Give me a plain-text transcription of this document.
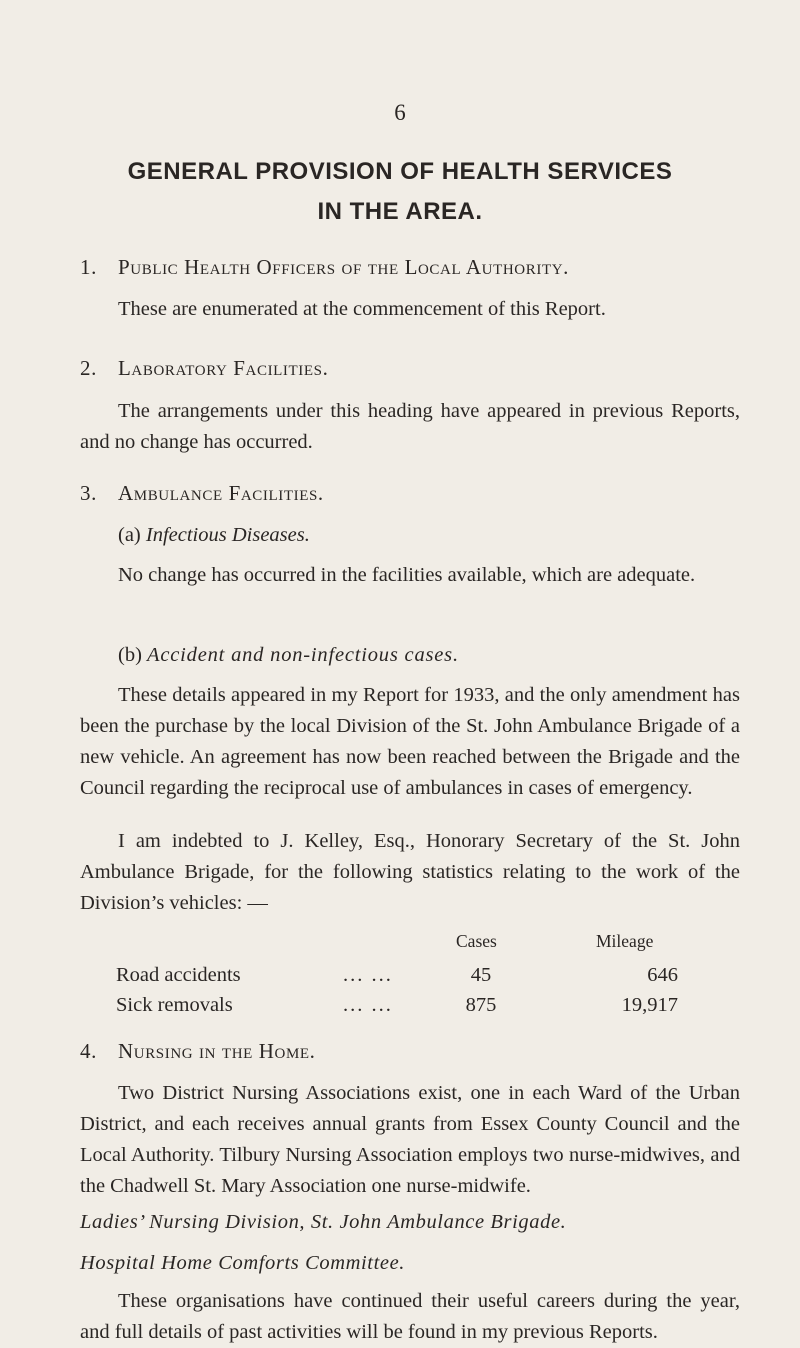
6
GENERAL PROVISION OF HEALTH SERVICES
IN THE AREA.
1. Public Health Officers of the Local Authority.
These are enumerated at the commencement of this Report.
2. Laboratory Facilities.
The arrangements under this heading have appeared in previous Reports, and no change has occurred.
3. Ambulance Facilities.
(a) Infectious Diseases.
No change has occurred in the facilities available, which are adequate.
(b) Accident and non-infectious cases.
These details appeared in my Report for 1933, and the only amendment has been the purchase by the local Division of the St. John Ambulance Brigade of a new vehicle. An agreement has now been reached between the Brigade and the Council regarding the reciprocal use of ambulances in cases of emergency.
I am indebted to J. Kelley, Esq., Honorary Secretary of the St. John Ambulance Brigade, for the following statistics relating to the work of the Division’s vehicles: —
Cases	Mileage
Road accidents	... ...	45	646
Sick removals	... ...	875	19,917
4. Nursing in the Home.
Two District Nursing Associations exist, one in each Ward of the Urban District, and each receives annual grants from Essex County Council and the Local Authority. Tilbury Nursing Association employs two nurse-midwives, and the Chadwell St. Mary Association one nurse-midwife.
Ladies’ Nursing Division, St. John Ambulance Brigade.
Hospital Home Comforts Committee.
These organisations have continued their useful careers during the year, and full details of past activities will be found in my previous Reports.
